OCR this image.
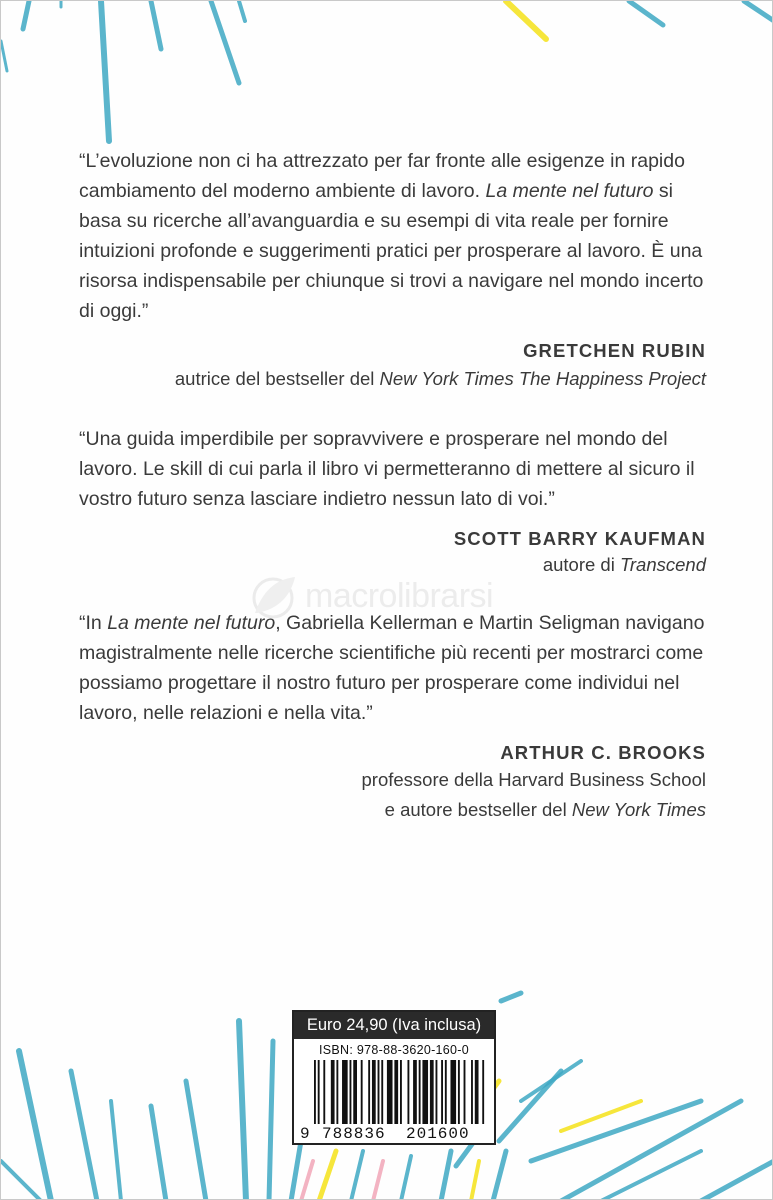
“L’evoluzione non ci ha attrezzato per far fronte alle esigenze in rapido cambiamento del moderno ambiente di lavoro. La mente nel futuro si basa su ricerche all’avanguardia e su esempi di vita reale per fornire intuizioni profonde e suggerimenti pratici per prosperare al lavoro. È una risorsa indispensabile per chiunque si trovi a navigare nel mondo incerto di oggi.”

GRETCHEN RUBIN
autrice del bestseller del New York Times The Happiness Project

“Una guida imperdibile per sopravvivere e prosperare nel mondo del lavoro. Le skill di cui parla il libro vi permetteranno di mettere al sicuro il vostro futuro senza lasciare indietro nessun lato di voi.”

SCOTT BARRY KAUFMAN
autore di Transcend
macrolibrarsi

“In La mente nel futuro, Gabriella Kellerman e Martin Seligman navigano magistralmente nelle ricerche scientifiche più recenti per mostrarci come possiamo progettare il nostro futuro per prosperare come individui nel lavoro, nelle relazioni e nella vita.”

ARTHUR C. BROOKS
professore della Harvard Business School
e autore bestseller del New York Times
Euro 24,90 (Iva inclusa)
ISBN: 978-88-3620-160-0
9 788836 201600
